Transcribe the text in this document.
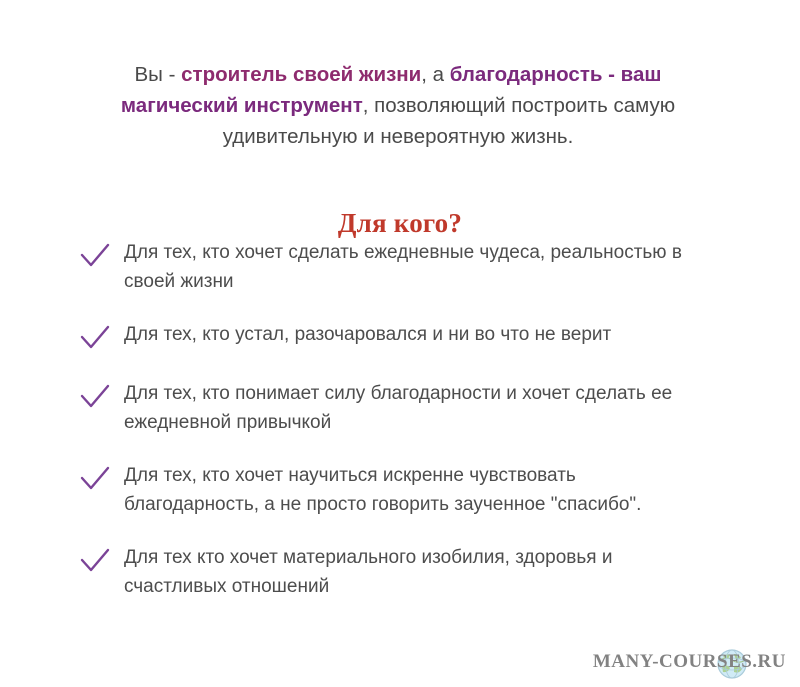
Вы - строитель своей жизни, а благодарность - ваш магический инструмент, позволяющий построить самую удивительную и невероятную жизнь.

Для кого?
Для тех, кто хочет сделать ежедневные чудеса, реальностью в своей жизни
Для тех, кто устал, разочаровался и ни во что не верит
Для тех, кто понимает силу благодарности и хочет сделать ее ежедневной привычкой
Для тех, кто хочет научиться искренне чувствовать благодарность, а не просто говорить заученное "спасибо".
Для тех кто хочет материального изобилия, здоровья и счастливых отношений
MANY-COURSES.RU
